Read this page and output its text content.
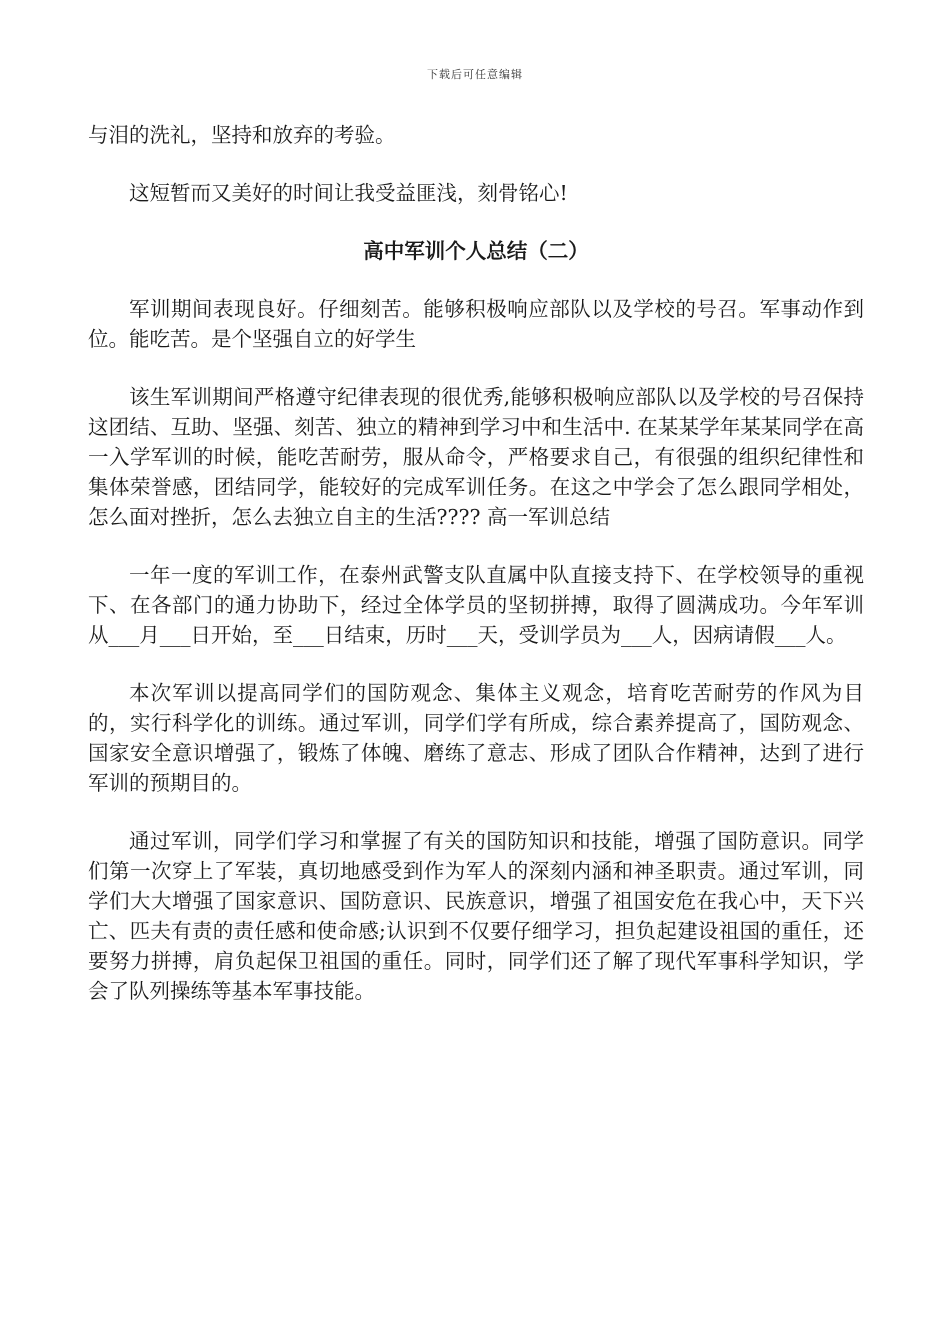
下载后可任意编辑

与泪的洗礼，坚持和放弃的考验。

这短暂而又美好的时间让我受益匪浅，刻骨铭心!

高中军训个人总结（二）

军训期间表现良好。仔细刻苦。能够积极响应部队以及学校的号召。军事动作到位。能吃苦。是个坚强自立的好学生

该生军训期间严格遵守纪律表现的很优秀,能够积极响应部队以及学校的号召保持这团结、互助、坚强、刻苦、独立的精神到学习中和生活中. 在某某学年某某同学在高一入学军训的时候，能吃苦耐劳，服从命令，严格要求自己，有很强的组织纪律性和集体荣誉感，团结同学，能较好的完成军训任务。在这之中学会了怎么跟同学相处，怎么面对挫折，怎么去独立自主的生活???? 高一军训总结

一年一度的军训工作，在泰州武警支队直属中队直接支持下、在学校领导的重视下、在各部门的通力协助下，经过全体学员的坚韧拼搏，取得了圆满成功。今年军训从___月___日开始，至___日结束，历时___天，受训学员为___人，因病请假___人。

本次军训以提高同学们的国防观念、集体主义观念，培育吃苦耐劳的作风为目的，实行科学化的训练。通过军训，同学们学有所成，综合素养提高了，国防观念、国家安全意识增强了，锻炼了体魄、磨练了意志、形成了团队合作精神，达到了进行军训的预期目的。

通过军训，同学们学习和掌握了有关的国防知识和技能，增强了国防意识。同学们第一次穿上了军装，真切地感受到作为军人的深刻内涵和神圣职责。通过军训，同学们大大增强了国家意识、国防意识、民族意识，增强了祖国安危在我心中，天下兴亡、匹夫有责的责任感和使命感;认识到不仅要仔细学习，担负起建设祖国的重任，还要努力拼搏，肩负起保卫祖国的重任。同时，同学们还了解了现代军事科学知识，学会了队列操练等基本军事技能。
